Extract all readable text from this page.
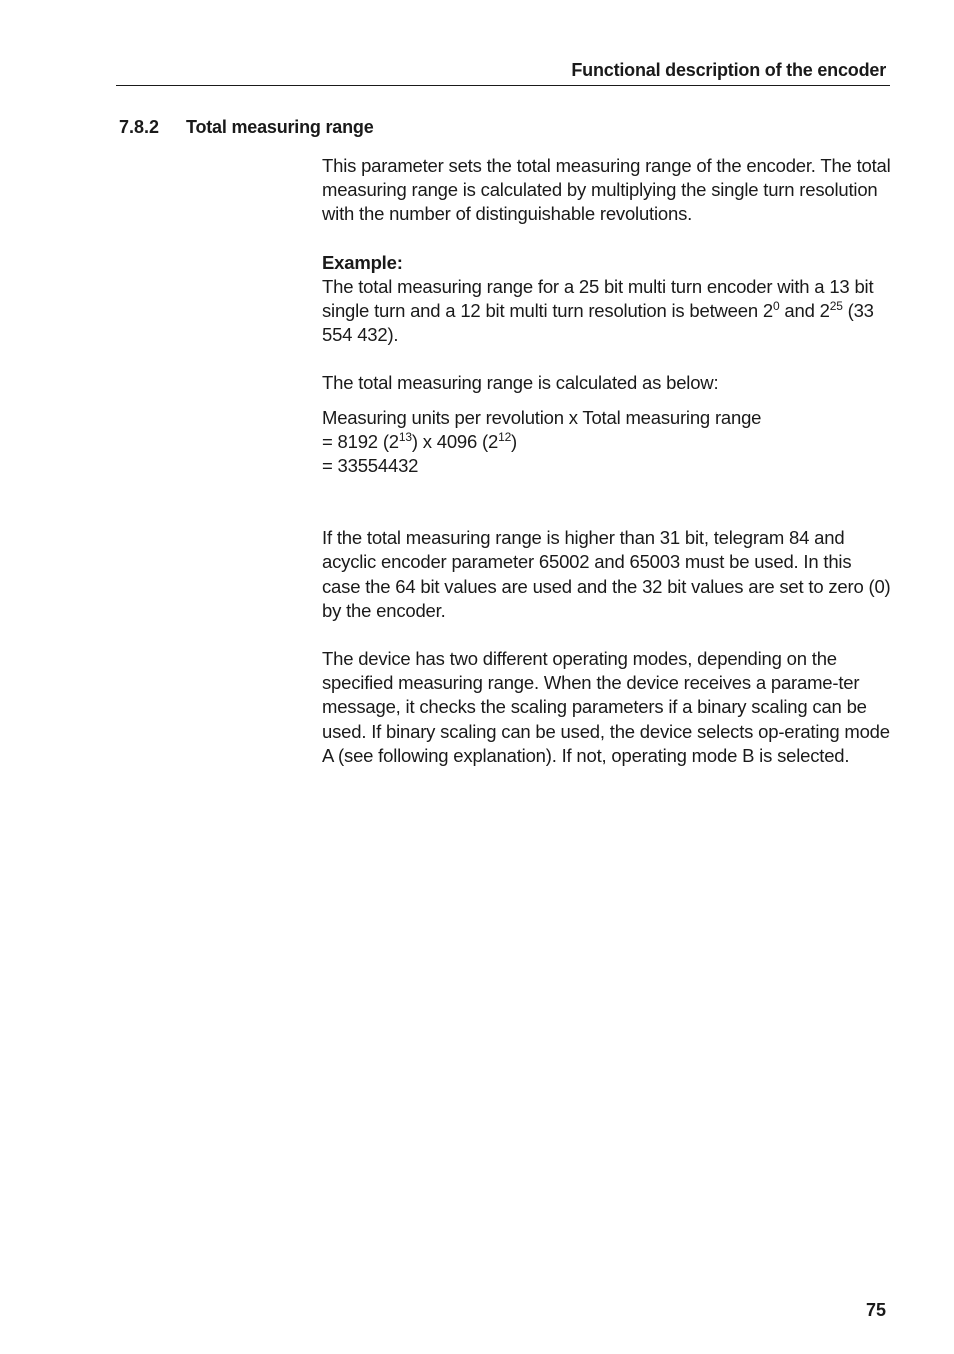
Functional description of the encoder
7.8.2 Total measuring range

This parameter sets the total measuring range of the encoder. The total measuring range is calculated by multiplying the single turn resolution with the number of distinguishable revolutions.

Example:

The total measuring range for a 25 bit multi turn encoder with a 13 bit single turn and a 12 bit multi turn resolution is between $2^0$ and $2^{25}$ (33 554 432).

The total measuring range is calculated as below:

Measuring units per revolution x Total measuring range

= 8192 $(2^{13})$ x 4096 $(2^{12})$

= 33554432

If the total measuring range is higher than 31 bit, telegram 84 and acyclic encoder parameter 65002 and 65003 must be used. In this case the 64 bit values are used and the 32 bit values are set to zero (0) by the encoder.

The device has two different operating modes, depending on the specified measuring range. When the device receives a parame-ter message, it checks the scaling parameters if a binary scaling can be used. If binary scaling can be used, the device selects op-erating mode A (see following explanation). If not, operating mode B is selected.

75
